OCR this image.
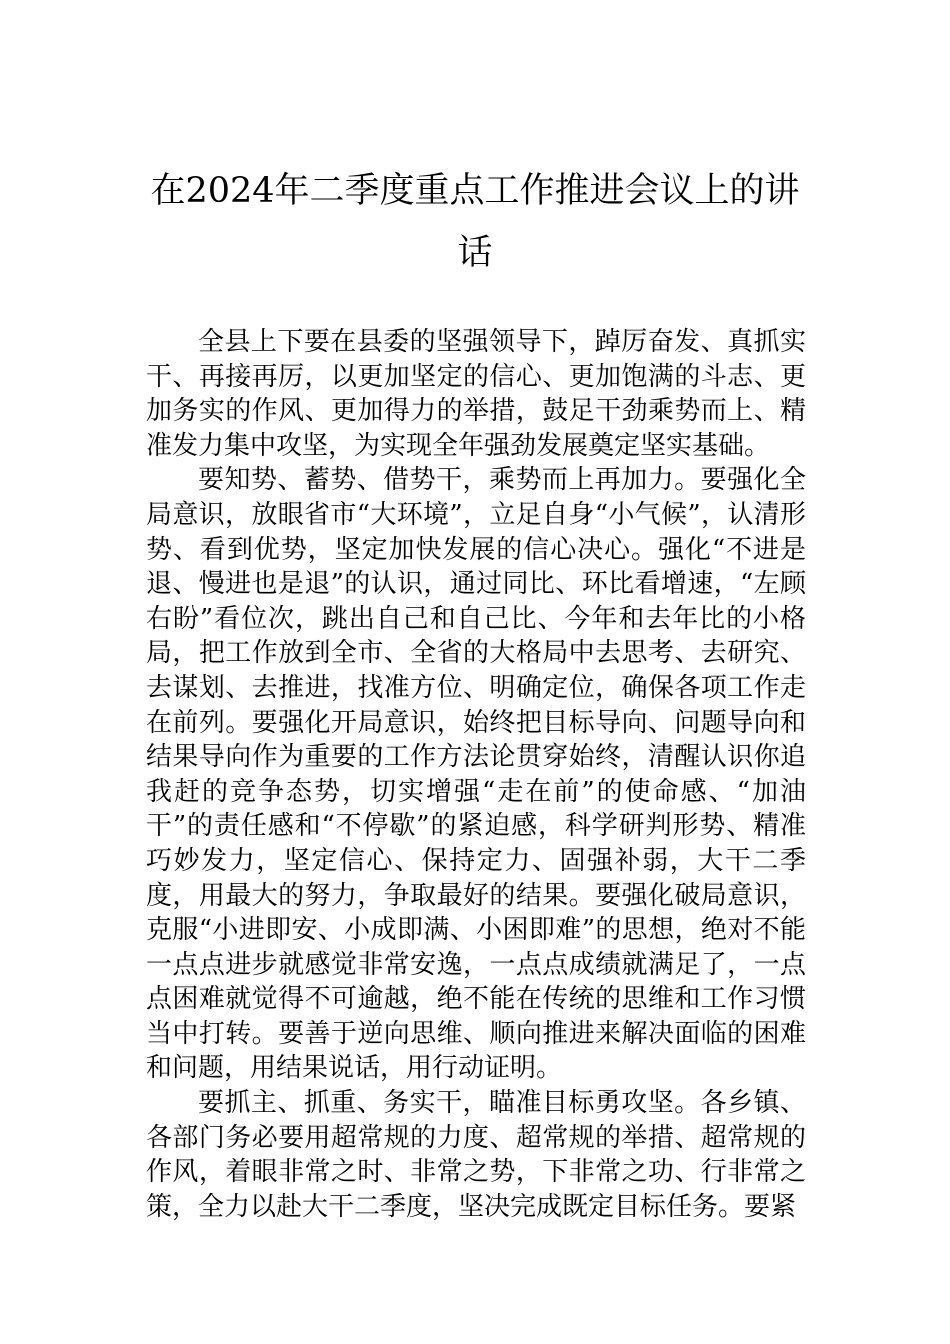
在2024年二季度重点工作推进会议上的讲话

全县上下要在县委的坚强领导下，踔厉奋发、真抓实干、再接再厉，以更加坚定的信心、更加饱满的斗志、更加务实的作风、更加得力的举措，鼓足干劲乘势而上、精准发力集中攻坚，为实现全年强劲发展奠定坚实基础。

要知势、蓄势、借势干，乘势而上再加力。要强化全局意识，放眼省市“大环境”，立足自身“小气候”，认清形势、看到优势，坚定加快发展的信心决心。强化“不进是退、慢进也是退”的认识，通过同比、环比看增速，“左顾右盼”看位次，跳出自己和自己比、今年和去年比的小格局，把工作放到全市、全省的大格局中去思考、去研究、去谋划、去推进，找准方位、明确定位，确保各项工作走在前列。要强化开局意识，始终把目标导向、问题导向和结果导向作为重要的工作方法论贯穿始终，清醒认识你追我赶的竞争态势，切实增强“走在前”的使命感、“加油干”的责任感和“不停歇”的紧迫感，科学研判形势、精准巧妙发力，坚定信心、保持定力、固强补弱，大干二季度，用最大的努力，争取最好的结果。要强化破局意识，克服“小进即安、小成即满、小困即难”的思想，绝对不能一点点进步就感觉非常安逸，一点点成绩就满足了，一点点困难就觉得不可逾越，绝不能在传统的思维和工作习惯当中打转。要善于逆向思维、顺向推进来解决面临的困难和问题，用结果说话，用行动证明。

要抓主、抓重、务实干，瞄准目标勇攻坚。各乡镇、各部门务必要用超常规的力度、超常规的举措、超常规的作风，着眼非常之时、非常之势，下非常之功、行非常之策，全力以赴大干二季度，坚决完成既定目标任务。要紧
